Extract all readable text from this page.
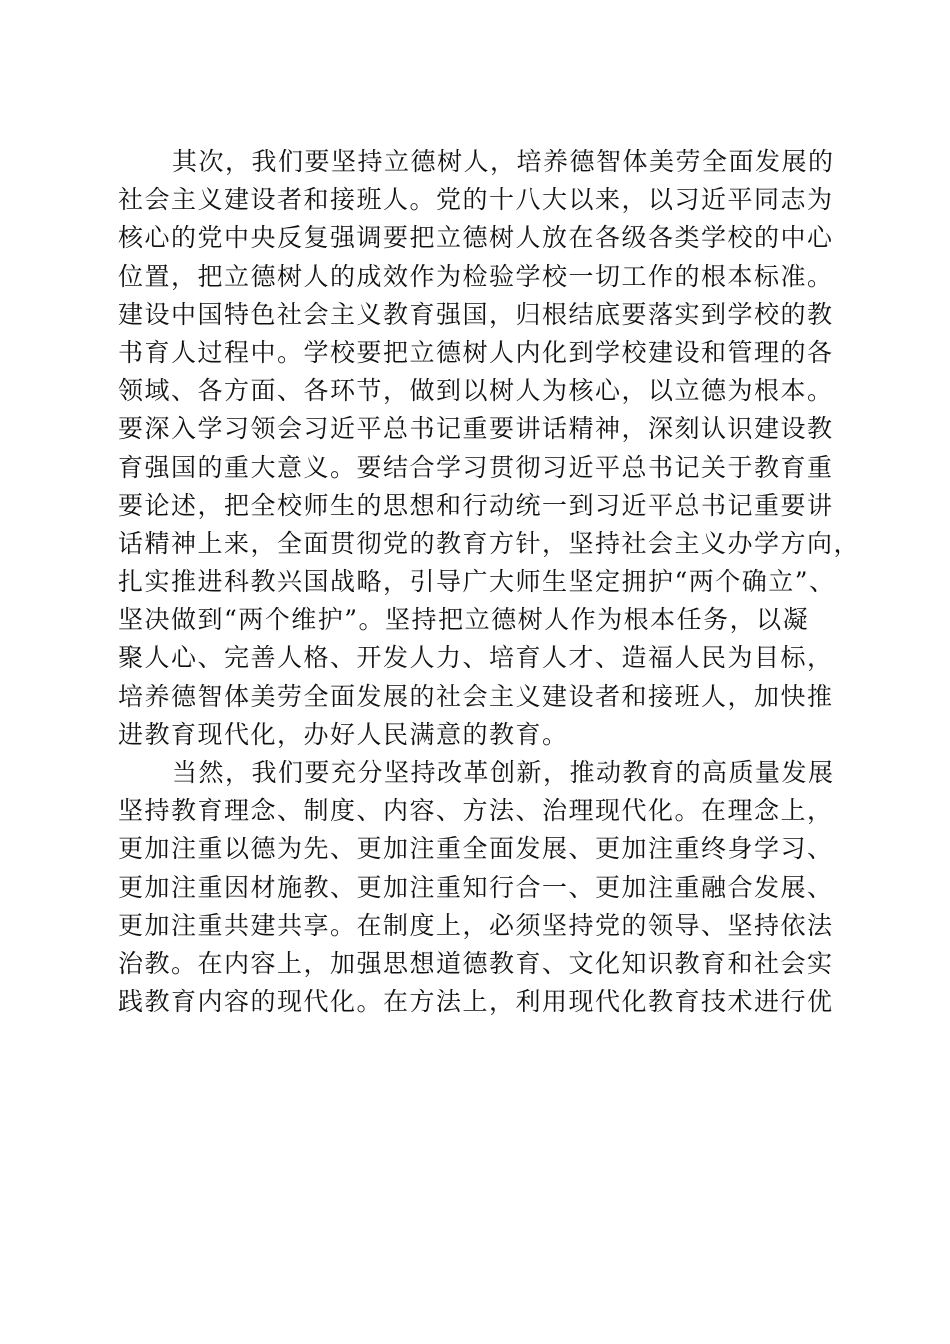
其次，我们要坚持立德树人，培养德智体美劳全面发展的
社会主义建设者和接班人。党的十八大以来，以习近平同志为
核心的党中央反复强调要把立德树人放在各级各类学校的中心
位置，把立德树人的成效作为检验学校一切工作的根本标准。
建设中国特色社会主义教育强国，归根结底要落实到学校的教
书育人过程中。学校要把立德树人内化到学校建设和管理的各
领域、各方面、各环节，做到以树人为核心，以立德为根本。
要深入学习领会习近平总书记重要讲话精神，深刻认识建设教
育强国的重大意义。要结合学习贯彻习近平总书记关于教育重
要论述，把全校师生的思想和行动统一到习近平总书记重要讲
话精神上来，全面贯彻党的教育方针，坚持社会主义办学方向，
扎实推进科教兴国战略，引导广大师生坚定拥护“两个确立”、
坚决做到“两个维护”。坚持把立德树人作为根本任务，以凝
聚人心、完善人格、开发人力、培育人才、造福人民为目标，
培养德智体美劳全面发展的社会主义建设者和接班人，加快推
进教育现代化，办好人民满意的教育。
当然，我们要充分坚持改革创新，推动教育的高质量发展
坚持教育理念、制度、内容、方法、治理现代化。在理念上，
更加注重以德为先、更加注重全面发展、更加注重终身学习、
更加注重因材施教、更加注重知行合一、更加注重融合发展、
更加注重共建共享。在制度上，必须坚持党的领导、坚持依法
治教。在内容上，加强思想道德教育、文化知识教育和社会实
践教育内容的现代化。在方法上，利用现代化教育技术进行优
